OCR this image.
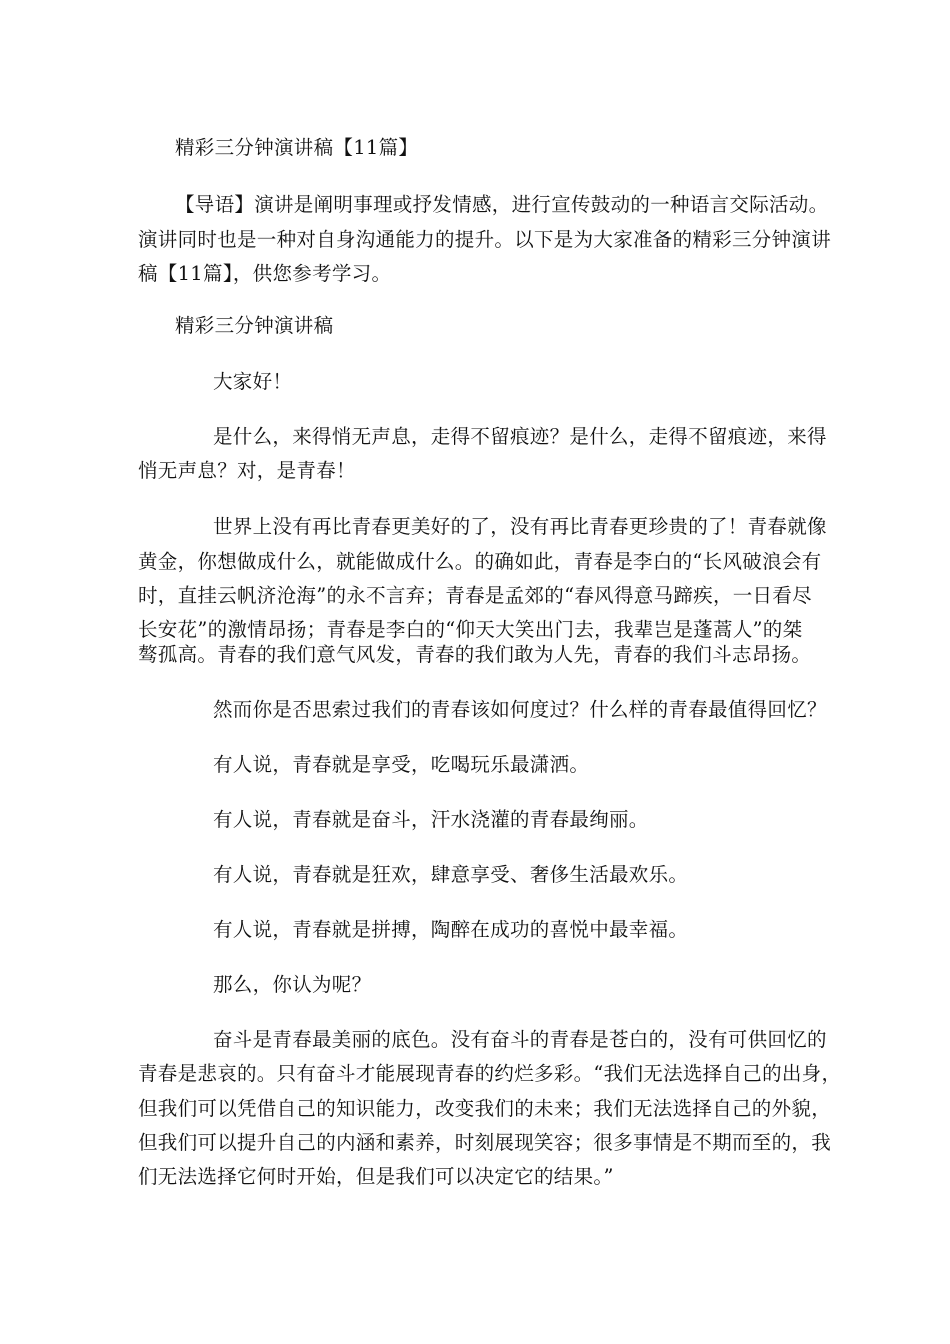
精彩三分钟演讲稿【11篇】
【导语】演讲是阐明事理或抒发情感，进行宣传鼓动的一种语言交际活动。
演讲同时也是一种对自身沟通能力的提升。以下是为大家准备的精彩三分钟演讲
稿【11篇】，供您参考学习。
精彩三分钟演讲稿
大家好！
是什么，来得悄无声息，走得不留痕迹？是什么，走得不留痕迹，来得
悄无声息？对，是青春！
世界上没有再比青春更美好的了，没有再比青春更珍贵的了！青春就像
黄金，你想做成什么，就能做成什么。的确如此，青春是李白的“长风破浪会有
时，直挂云帆济沧海”的永不言弃；青春是孟郊的“春风得意马蹄疾，一日看尽
长安花”的激情昂扬；青春是李白的“仰天大笑出门去，我辈岂是蓬蒿人”的桀
骜孤高。青春的我们意气风发，青春的我们敢为人先，青春的我们斗志昂扬。
然而你是否思索过我们的青春该如何度过？什么样的青春最值得回忆？
有人说，青春就是享受，吃喝玩乐最潇洒。
有人说，青春就是奋斗，汗水浇灌的青春最绚丽。
有人说，青春就是狂欢，肆意享受、奢侈生活最欢乐。
有人说，青春就是拼搏，陶醉在成功的喜悦中最幸福。
那么，你认为呢？
奋斗是青春最美丽的底色。没有奋斗的青春是苍白的，没有可供回忆的
青春是悲哀的。只有奋斗才能展现青春的约烂多彩。“我们无法选择自己的出身，
但我们可以凭借自己的知识能力，改变我们的未来；我们无法选择自己的外貌，
但我们可以提升自己的内涵和素养，时刻展现笑容；很多事情是不期而至的，我
们无法选择它何时开始，但是我们可以决定它的结果。”
